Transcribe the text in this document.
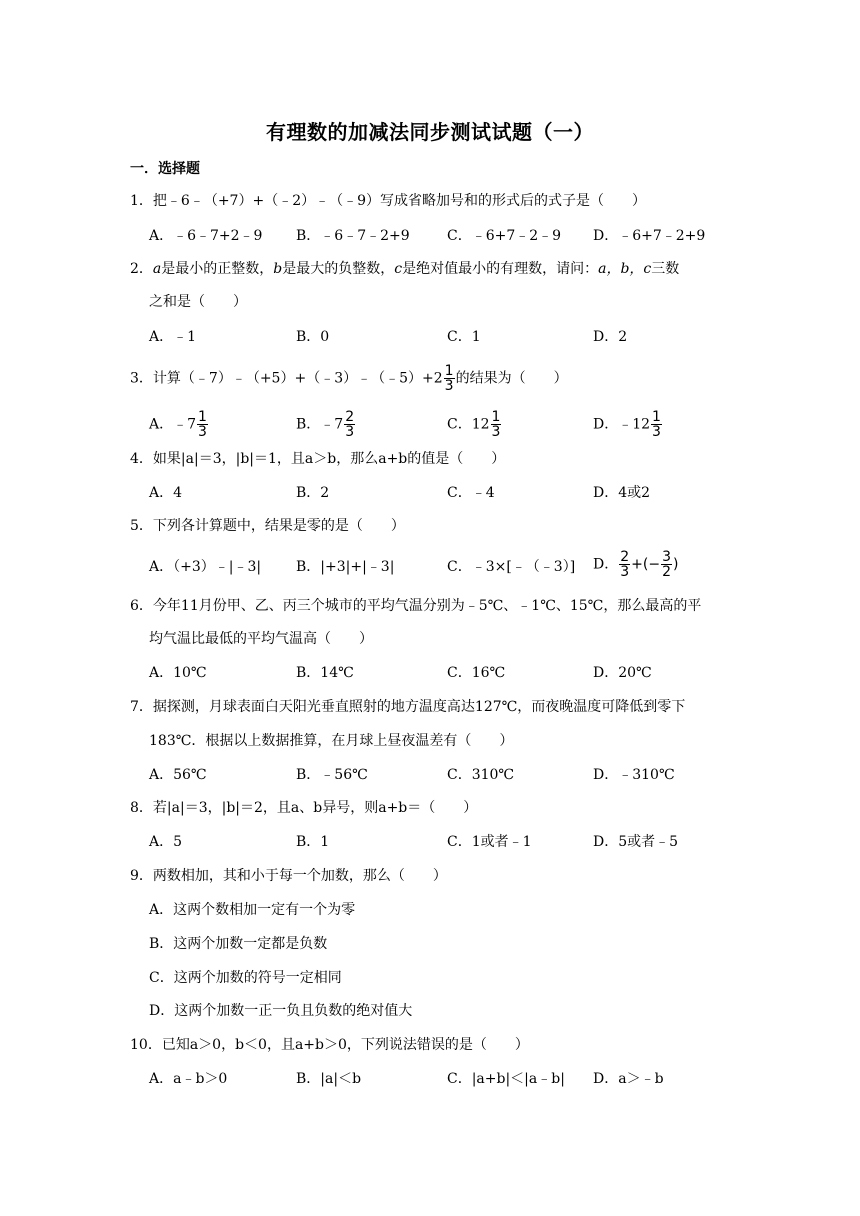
有理数的加减法同步测试试题（一）
一．选择题
1．把﹣6﹣（+7）+（﹣2）﹣（﹣9）写成省略加号和的形式后的式子是（　　）
A．﹣6﹣7+2﹣9 B．﹣6﹣7﹣2+9	C．﹣6+7﹣2﹣9 D．﹣6+7﹣2+9
2．a是最小的正整数，b是最大的负整数，c是绝对值最小的有理数，请问：a，b，c三数
之和是（　　）
A．﹣1	B．0	C．1	D．2
3．计算（﹣7）﹣（+5）+（﹣3）﹣（﹣5）+2 $\frac{1}{3}$ 的结果为（　　）
A．﹣7 $\frac{1}{3}$	B．﹣7 $\frac{2}{3}$	C．$12 \frac{1}{3}$	D．﹣12 $\frac{1}{3}$
4．如果|a|＝3，|b|＝1，且a＞b，那么a+b的值是（　　）
A．4	B．2	C．﹣4	D．4或2
5．下列各计算题中，结果是零的是（　　）
A．（+3）﹣|﹣3| B．|+3|+|﹣3|	C．﹣3×[﹣（﹣3）] D． $\frac{2}{3}$ +(− $\frac{3}{2}$ )
6．今年11月份甲、乙、丙三个城市的平均气温分别为﹣5℃、﹣1℃、15℃，那么最高的平
均气温比最低的平均气温高（　　）
A．10℃	B．14℃	C．16℃	D．20℃
7．据探测，月球表面白天阳光垂直照射的地方温度高达127℃，而夜晚温度可降低到零下
183℃．根据以上数据推算，在月球上昼夜温差有（　　）
A．56℃	B．﹣56℃	C．310℃	D．﹣310℃
8．若|a|＝3，|b|＝2，且a、b异号，则a+b＝（　　）
A．5	B．1	C．1或者﹣1	D．5或者﹣5
9．两数相加，其和小于每一个加数，那么（　　）
A．这两个数相加一定有一个为零
B．这两个加数一定都是负数
C．这两个加数的符号一定相同
D．这两个加数一正一负且负数的绝对值大
10．已知a＞0，b＜0，且a+b＞0，下列说法错误的是（　　）
A．a﹣b＞0	B．|a|＜b	C．|a+b|＜|a﹣b| D．a＞﹣b
